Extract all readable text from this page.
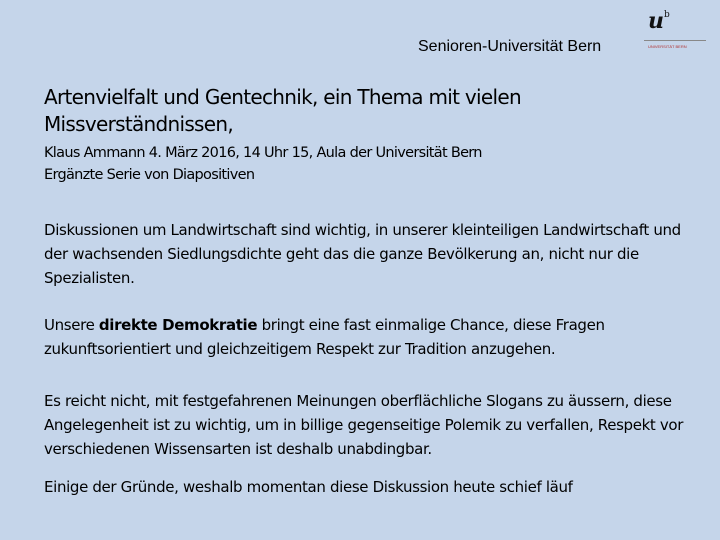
Senioren-Universität Bern
$u^b$
UNIVERSITÄT BERN
Artenvielfalt und Gentechnik, ein Thema mit vielen Missverständnissen,
Klaus Ammann 4. März 2016, 14 Uhr 15, Aula der Universität Bern
Ergänzte Serie von Diapositiven

Diskussionen um Landwirtschaft sind wichtig, in unserer kleinteiligen Landwirtschaft und der wachsenden Siedlungsdichte geht das die ganze Bevölkerung an, nicht nur die Spezialisten.

Unsere direkte Demokratie bringt eine fast einmalige Chance, diese Fragen zukunftsorientiert und gleichzeitigem Respekt zur Tradition anzugehen.

Es reicht nicht, mit festgefahrenen Meinungen oberflächliche Slogans zu äussern, diese Angelegenheit ist zu wichtig, um in billige gegenseitige Polemik zu verfallen, Respekt vor verschiedenen Wissensarten ist deshalb unabdingbar.

Einige der Gründe, weshalb momentan diese Diskussion heute schief läuf
